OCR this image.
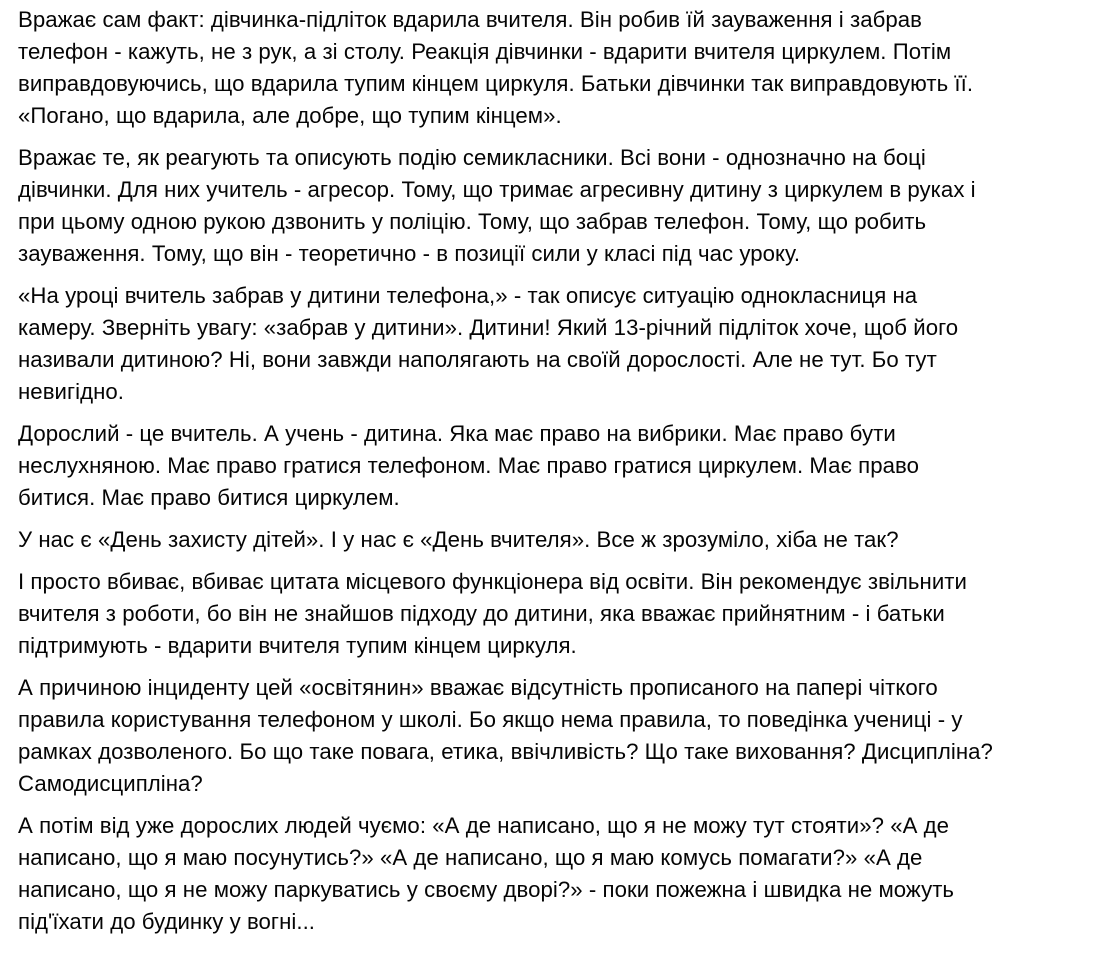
Вражає сам факт: дівчинка-підліток вдарила вчителя. Він робив їй зауваження і забрав
телефон - кажуть, не з рук, а зі столу. Реакція дівчинки - вдарити вчителя циркулем. Потім
виправдовуючись, що вдарила тупим кінцем циркуля. Батьки дівчинки так виправдовують її.
«Погано, що вдарила, але добре, що тупим кінцем».

Вражає те, як реагують та описують подію семикласники. Всі вони - однозначно на боці
дівчинки. Для них учитель - агресор. Тому, що тримає агресивну дитину з циркулем в руках і
при цьому одною рукою дзвонить у поліцію. Тому, що забрав телефон. Тому, що робить
зауваження. Тому, що він - теоретично - в позиції сили у класі під час уроку.

«На уроці вчитель забрав у дитини телефона,» - так описує ситуацію однокласниця на
камеру. Зверніть увагу: «забрав у дитини». Дитини! Який 13-річний підліток хоче, щоб його
називали дитиною? Ні, вони завжди наполягають на своїй дорослості. Але не тут. Бо тут
невигідно.

Дорослий - це вчитель. А учень - дитина. Яка має право на вибрики. Має право бути
неслухняною. Має право гратися телефоном. Має право гратися циркулем. Має право
битися. Має право битися циркулем.

У нас є «День захисту дітей». І у нас є «День вчителя». Все ж зрозуміло, хіба не так?

І просто вбиває, вбиває цитата місцевого функціонера від освіти. Він рекомендує звільнити
вчителя з роботи, бо він не знайшов підходу до дитини, яка вважає прийнятним - і батьки
підтримують - вдарити вчителя тупим кінцем циркуля.

А причиною інциденту цей «освітянин» вважає відсутність прописаного на папері чіткого
правила користування телефоном у школі. Бо якщо нема правила, то поведінка учениці - у
рамках дозволеного. Бо що таке повага, етика, ввічливість? Що таке виховання? Дисципліна?
Самодисципліна?

А потім від уже дорослих людей чуємо: «А де написано, що я не можу тут стояти»? «А де
написано, що я маю посунутись?» «А де написано, що я маю комусь помагати?» «А де
написано, що я не можу паркуватись у своєму дворі?» - поки пожежна і швидка не можуть
під'їхати до будинку у вогні...
